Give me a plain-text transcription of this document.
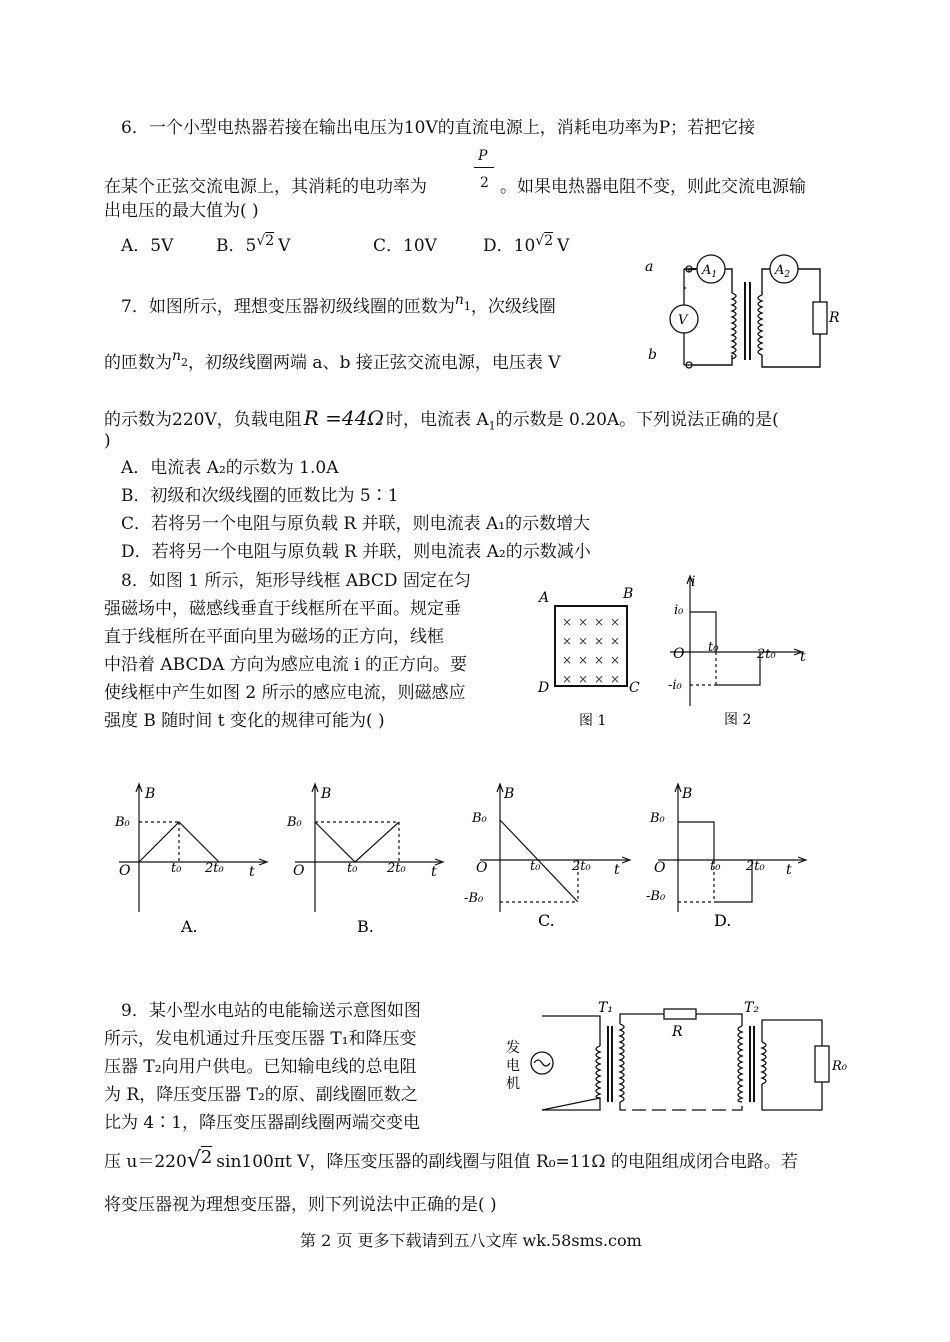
6．一个小型电热器若接在输出电压为10V的直流电源上，消耗电功率为P；若把它接
P
2
在某个正弦交流电源上，其消耗的电功率为	。如果电热器电阻不变，则此交流电源输
出电压的最大值为( )
A．5V	B．$5^{√2}$ V	C．10V	D．$10^{√2}$ V
7．如图所示，理想变压器初级线圈的匝数为$^n_1$，次级线圈
的匝数为$^n_2$，初级线圈两端 a、b 接正弦交流电源，电压表 V
的示数为220V，负载电阻 R =44Ω 时，电流表 $A_1$的示数是 0.20A。下列说法正确的是(
)
A．电流表 A₂的示数为 1.0A
B．初级和次级线圈的匝数比为 5∶1
C．若将另一个电阻与原负载 R 并联，则电流表 A₁的示数增大
D．若将另一个电阻与原负载 R 并联，则电流表 A₂的示数减小
a
b
$A_1$	$A_2$
V	R
8．如图 1 所示，矩形导线框 ABCD 固定在匀
强磁场中，磁感线垂直于线框所在平面。规定垂
直于线框所在平面向里为磁场的正方向，线框
中沿着 ABCDA 方向为感应电流 i 的正方向。要
使线框中产生如图 2 所示的感应电流，则磁感应
强度 B 随时间 t 变化的规律可能为( )
× × × ×
× × × ×
× × × ×
× × × ×
A	B
D	C
图 1
i
i₀
-i₀
O t₀	2t₀ t
图 2
B
B₀
O	t₀ 2t₀ t
A.
B
B₀
O	t₀ 2t₀ t
B.
B
B₀
-B₀
O	t₀ 2t₀ t
C.
B
B₀
-B₀
O	t₀ 2t₀ t
D.
9．某小型水电站的电能输送示意图如图
所示，发电机通过升压变压器 T₁和降压变
压器 T₂向用户供电。已知输电线的总电阻
为 R，降压变压器 T₂的原、副线圈匝数之
比为 4∶1，降压变压器副线圈两端交变电
压 u＝220√2 sin100πt V，降压变压器的副线圈与阻值 R₀=11Ω 的电阻组成闭合电路。若
将变压器视为理想变压器，则下列说法中正确的是( )
发
电
机
T₁	T₂
R
R₀
第 2 页 更多下载请到五八文库 wk.58sms.com
